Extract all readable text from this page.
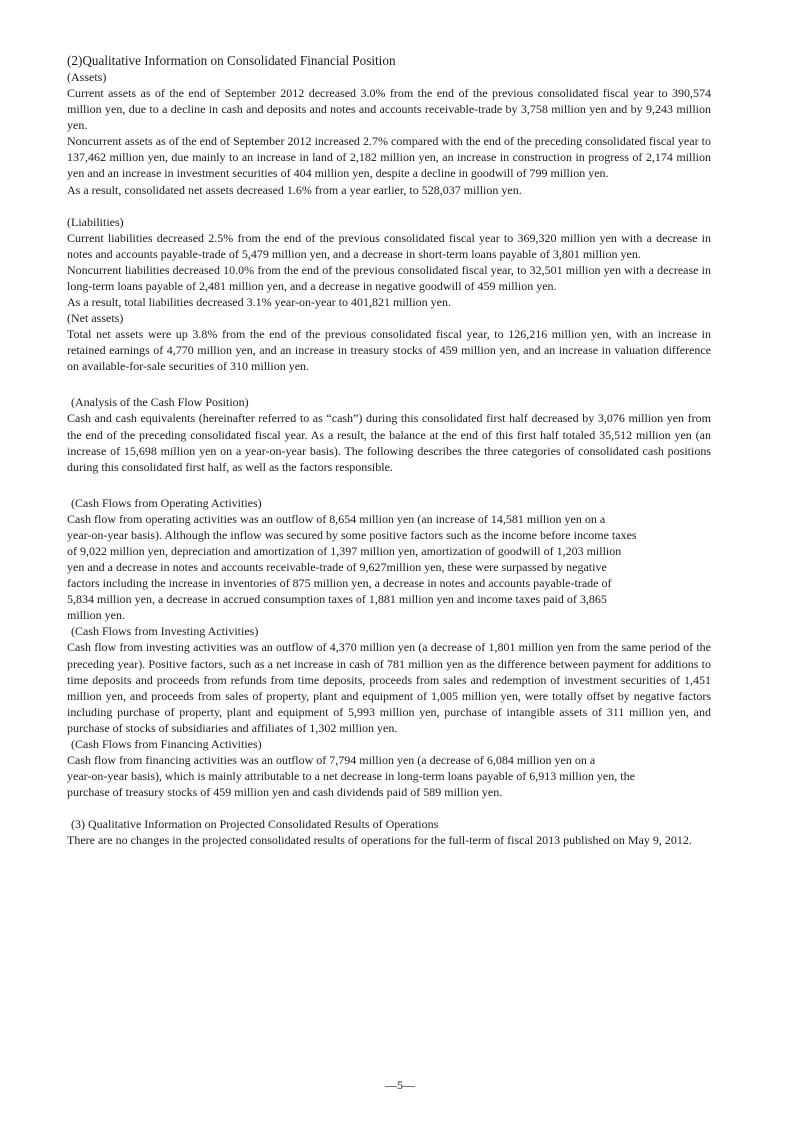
(2)Qualitative Information on Consolidated Financial Position

(Assets)

Current assets as of the end of September 2012 decreased 3.0% from the end of the previous consolidated fiscal year to 390,574 million yen, due to a decline in cash and deposits and notes and accounts receivable-trade by 3,758 million yen and by 9,243 million yen.

Noncurrent assets as of the end of September 2012 increased 2.7% compared with the end of the preceding consolidated fiscal year to 137,462 million yen, due mainly to an increase in land of 2,182 million yen, an increase in construction in progress of 2,174 million yen and an increase in investment securities of 404 million yen, despite a decline in goodwill of 799 million yen.

As a result, consolidated net assets decreased 1.6% from a year earlier, to 528,037 million yen.

(Liabilities)

Current liabilities decreased 2.5% from the end of the previous consolidated fiscal year to 369,320 million yen with a decrease in notes and accounts payable-trade of 5,479 million yen, and a decrease in short-term loans payable of 3,801 million yen.

Noncurrent liabilities decreased 10.0% from the end of the previous consolidated fiscal year, to 32,501 million yen with a decrease in long-term loans payable of 2,481 million yen, and a decrease in negative goodwill of 459 million yen.

As a result, total liabilities decreased 3.1% year-on-year to 401,821 million yen.

(Net assets)

Total net assets were up 3.8% from the end of the previous consolidated fiscal year, to 126,216 million yen, with an increase in retained earnings of 4,770 million yen, and an increase in treasury stocks of 459 million yen, and an increase in valuation difference on available-for-sale securities of 310 million yen.

(Analysis of the Cash Flow Position)

Cash and cash equivalents (hereinafter referred to as “cash”) during this consolidated first half decreased by 3,076 million yen from the end of the preceding consolidated fiscal year. As a result, the balance at the end of this first half totaled 35,512 million yen (an increase of 15,698 million yen on a year-on-year basis). The following describes the three categories of consolidated cash positions during this consolidated first half, as well as the factors responsible.

(Cash Flows from Operating Activities)

Cash flow from operating activities was an outflow of 8,654 million yen (an increase of 14,581 million yen on a
year-on-year basis). Although the inflow was secured by some positive factors such as the income before income taxes
of 9,022 million yen, depreciation and amortization of 1,397 million yen, amortization of goodwill of 1,203 million
yen and a decrease in notes and accounts receivable-trade of 9,627million yen, these were surpassed by negative
factors including the increase in inventories of 875 million yen, a decrease in notes and accounts payable-trade of
5,834 million yen, a decrease in accrued consumption taxes of 1,881 million yen and income taxes paid of 3,865
million yen.

(Cash Flows from Investing Activities)

Cash flow from investing activities was an outflow of 4,370 million yen (a decrease of 1,801 million yen from the same period of the preceding year). Positive factors, such as a net increase in cash of 781 million yen as the difference between payment for additions to time deposits and proceeds from refunds from time deposits, proceeds from sales and redemption of investment securities of 1,451 million yen, and proceeds from sales of property, plant and equipment of 1,005 million yen, were totally offset by negative factors including purchase of property, plant and equipment of 5,993 million yen, purchase of intangible assets of 311 million yen, and purchase of stocks of subsidiaries and affiliates of 1,302 million yen.

(Cash Flows from Financing Activities)

Cash flow from financing activities was an outflow of 7,794 million yen (a decrease of 6,084 million yen on a
year-on-year basis), which is mainly attributable to a net decrease in long-term loans payable of 6,913 million yen, the
purchase of treasury stocks of 459 million yen and cash dividends paid of 589 million yen.

(3) Qualitative Information on Projected Consolidated Results of Operations

There are no changes in the projected consolidated results of operations for the full-term of fiscal 2013 published on May 9, 2012.

—5—
